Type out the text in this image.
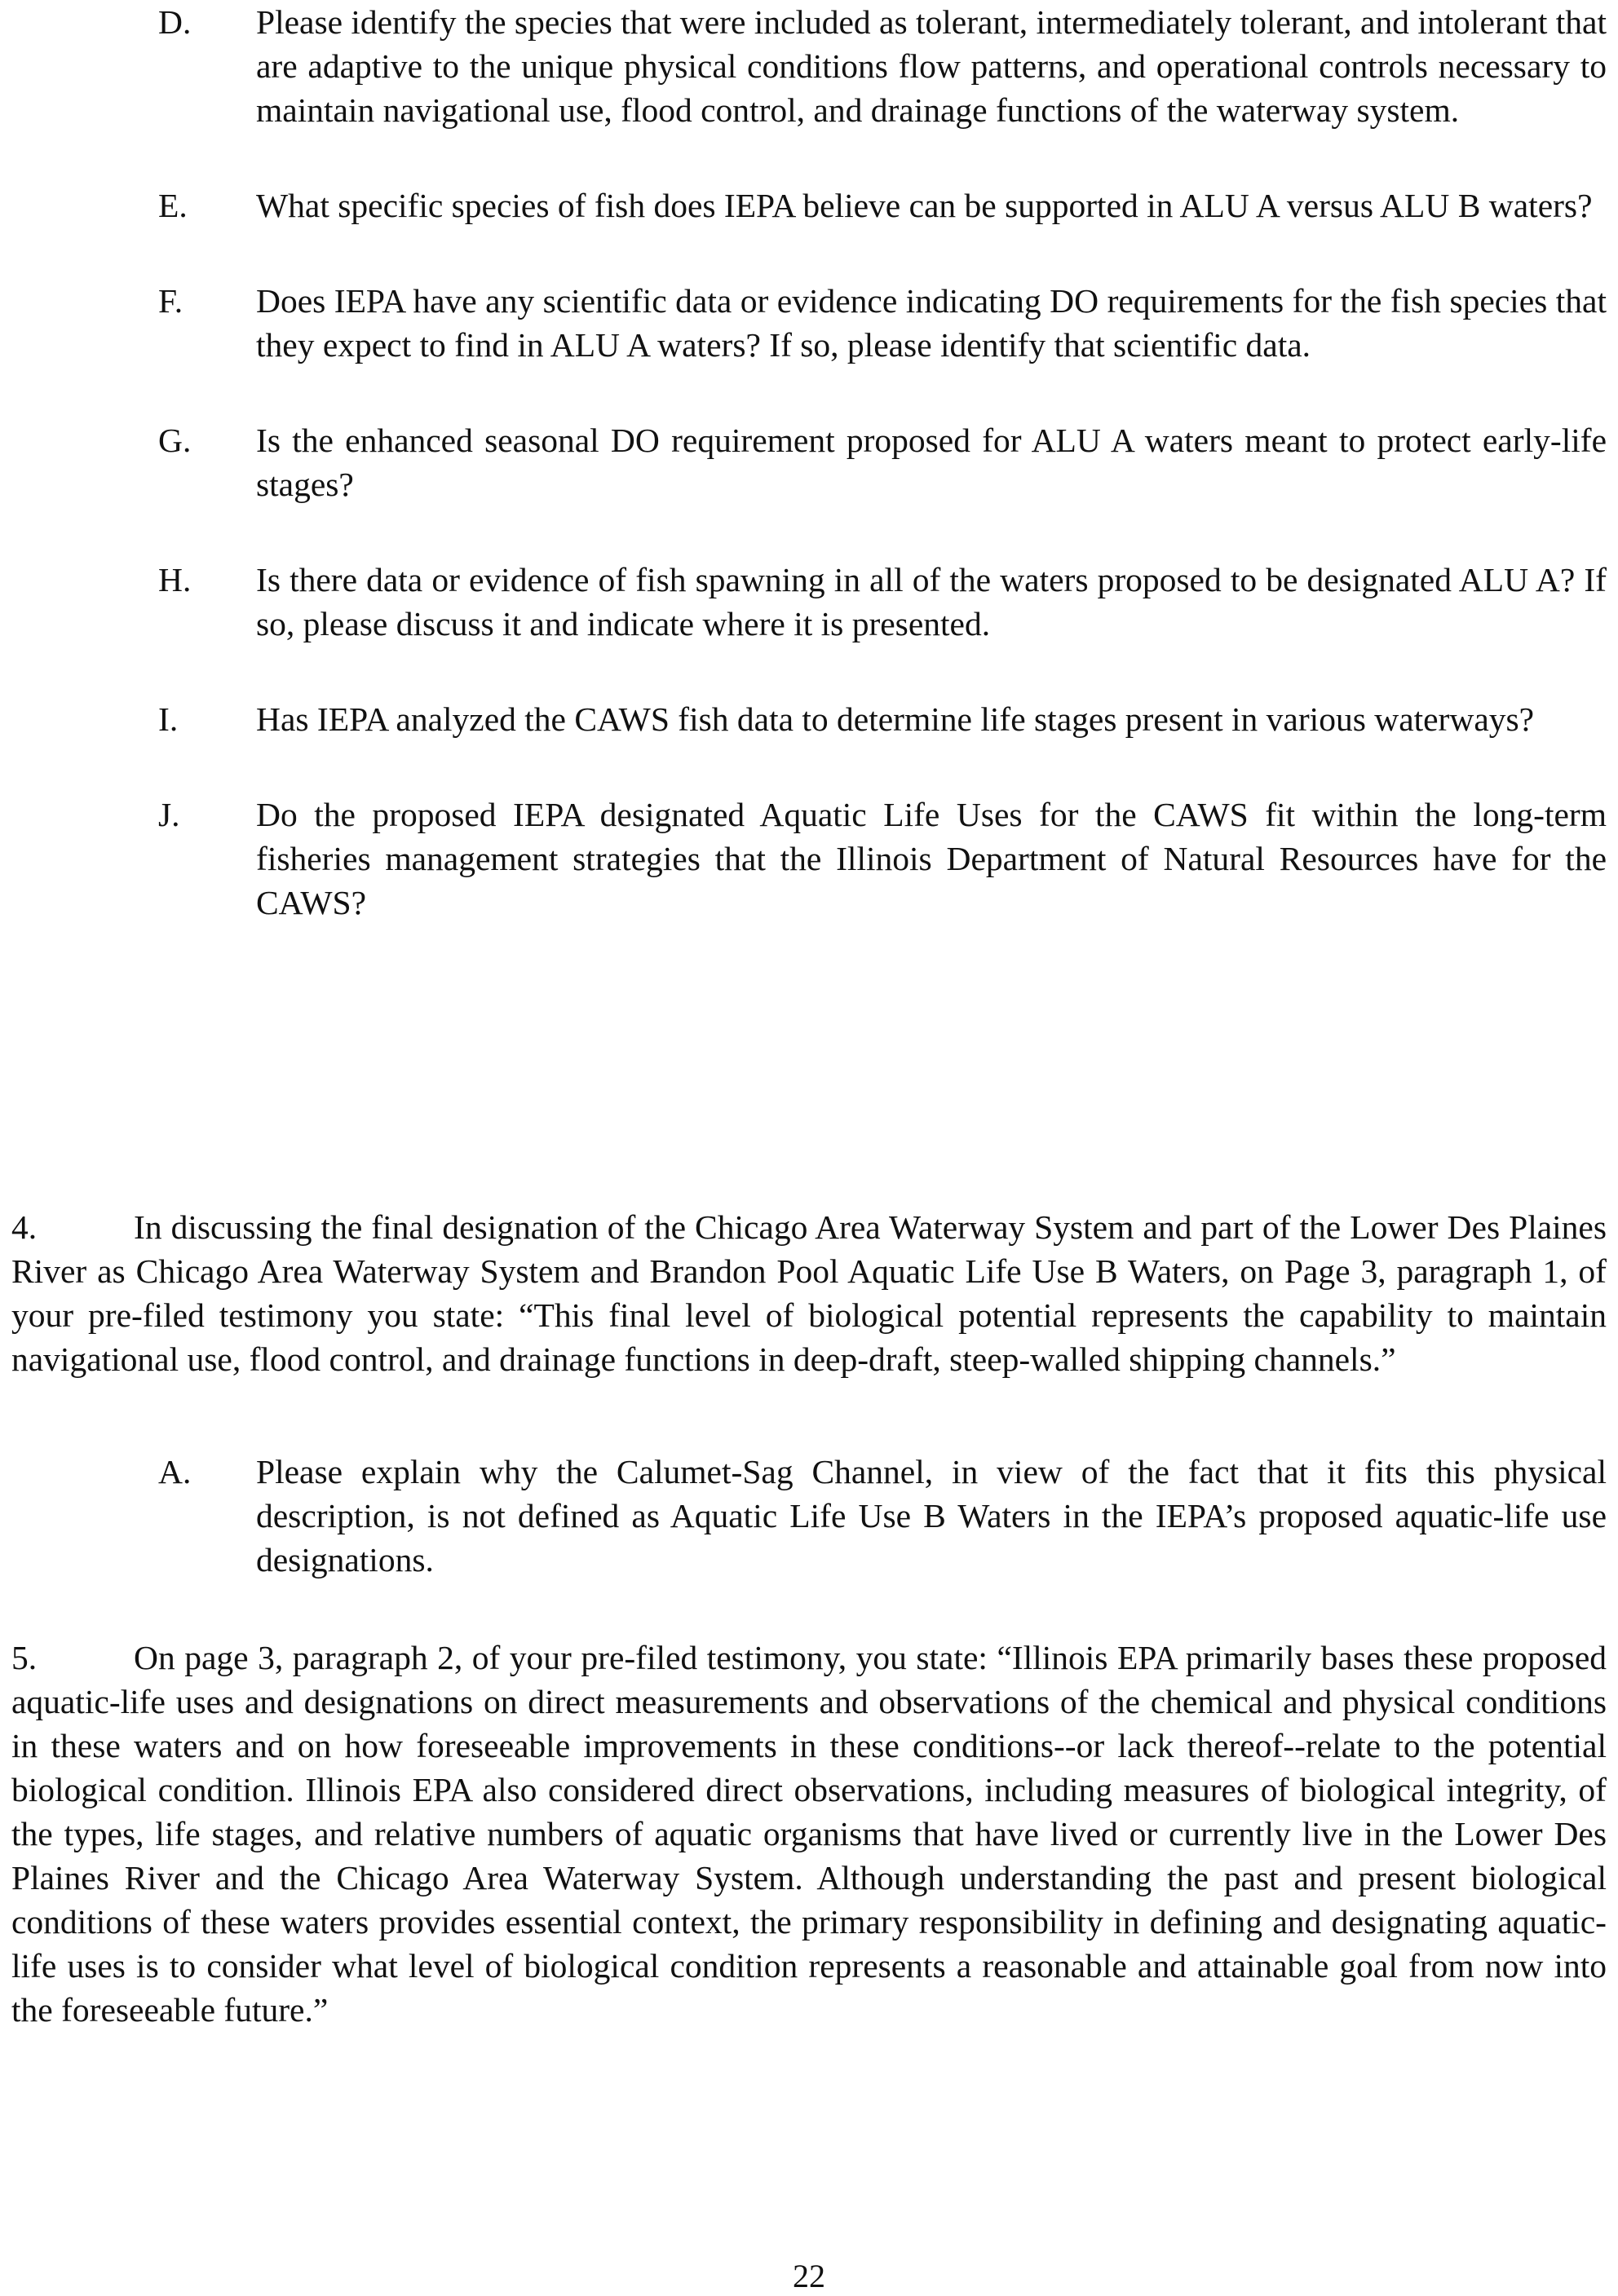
D.	Please identify the species that were included as tolerant, intermediately tolerant, and intolerant that are adaptive to the unique physical conditions flow patterns, and operational controls necessary to maintain navigational use, flood control, and drainage functions of the waterway system.
E.	What specific species of fish does IEPA believe can be supported in ALU A versus ALU B waters?
F.	Does IEPA have any scientific data or evidence indicating DO requirements for the fish species that they expect to find in ALU A waters? If so, please identify that scientific data.
G.	Is the enhanced seasonal DO requirement proposed for ALU A waters meant to protect early-life stages?
H.	Is there data or evidence of fish spawning in all of the waters proposed to be designated ALU A? If so, please discuss it and indicate where it is presented.
I.	Has IEPA analyzed the CAWS fish data to determine life stages present in various waterways?
J.	Do the proposed IEPA designated Aquatic Life Uses for the CAWS fit within the long-term fisheries management strategies that the Illinois Department of Natural Resources have for the CAWS?
4.	In discussing the final designation of the Chicago Area Waterway System and part of the Lower Des Plaines River as Chicago Area Waterway System and Brandon Pool Aquatic Life Use B Waters, on Page 3, paragraph 1, of your pre-filed testimony you state: “This final level of biological potential represents the capability to maintain navigational use, flood control, and drainage functions in deep-draft, steep-walled shipping channels.”
A.	Please explain why the Calumet-Sag Channel, in view of the fact that it fits this physical description, is not defined as Aquatic Life Use B Waters in the IEPA’s proposed aquatic-life use designations.
5.	On page 3, paragraph 2, of your pre-filed testimony, you state: “Illinois EPA primarily bases these proposed aquatic-life uses and designations on direct measurements and observations of the chemical and physical conditions in these waters and on how foreseeable improvements in these conditions--or lack thereof--relate to the potential biological condition. Illinois EPA also considered direct observations, including measures of biological integrity, of the types, life stages, and relative numbers of aquatic organisms that have lived or currently live in the Lower Des Plaines River and the Chicago Area Waterway System. Although understanding the past and present biological conditions of these waters provides essential context, the primary responsibility in defining and designating aquatic-life uses is to consider what level of biological condition represents a reasonable and attainable goal from now into the foreseeable future.”
22
